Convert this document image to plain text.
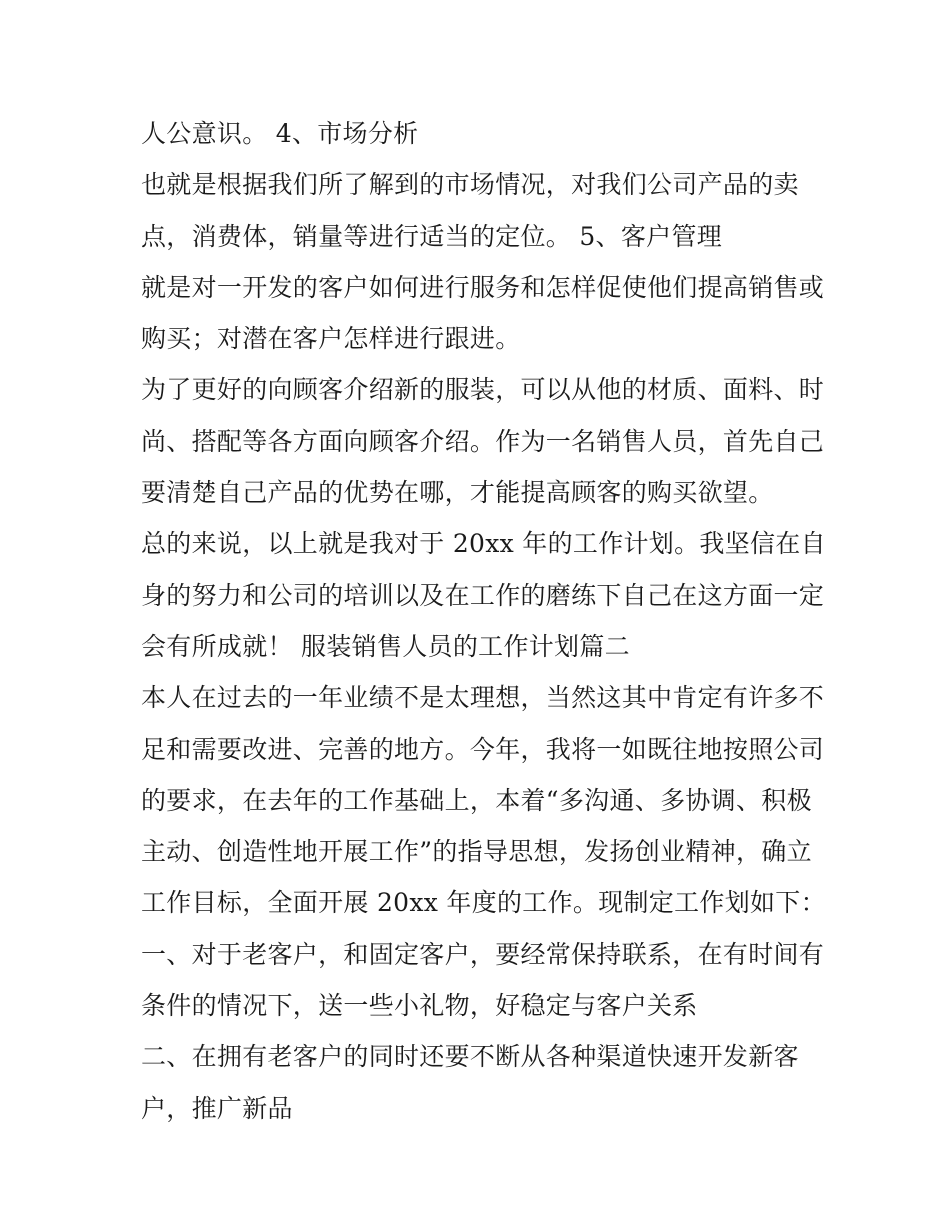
人公意识。 4、市场分析
也就是根据我们所了解到的市场情况，对我们公司产品的卖
点，消费体，销量等进行适当的定位。 5、客户管理
就是对一开发的客户如何进行服务和怎样促使他们提高销售或
购买；对潜在客户怎样进行跟进。
为了更好的向顾客介绍新的服装，可以从他的材质、面料、时
尚、搭配等各方面向顾客介绍。作为一名销售人员，首先自己
要清楚自己产品的优势在哪，才能提高顾客的购买欲望。
总的来说，以上就是我对于 20xx 年的工作计划。我坚信在自
身的努力和公司的培训以及在工作的磨练下自己在这方面一定
会有所成就！ 服装销售人员的工作计划篇二
本人在过去的一年业绩不是太理想，当然这其中肯定有许多不
足和需要改进、完善的地方。今年，我将一如既往地按照公司
的要求，在去年的工作基础上，本着“多沟通、多协调、积极
主动、创造性地开展工作”的指导思想，发扬创业精神，确立
工作目标，全面开展 20xx 年度的工作。现制定工作划如下：
一、对于老客户，和固定客户，要经常保持联系，在有时间有
条件的情况下，送一些小礼物，好稳定与客户关系
二、在拥有老客户的同时还要不断从各种渠道快速开发新客
户，推广新品
